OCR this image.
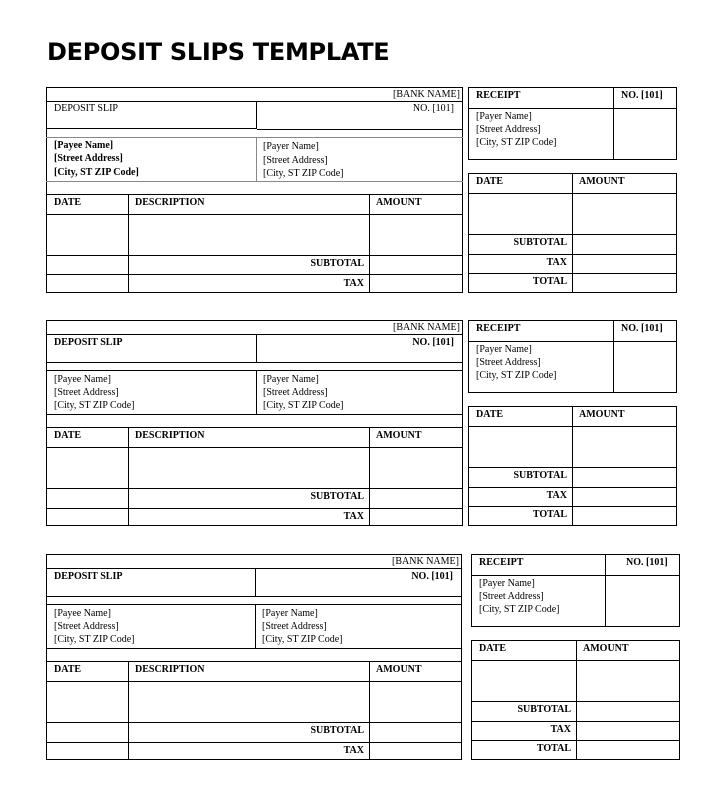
DEPOSIT SLIPS TEMPLATE
[BANK NAME]
DEPOSIT SLIP	NO. [101]
[Payee Name]
[Street Address]
[City, ST ZIP Code]
[Payer Name]
[Street Address]
[City, ST ZIP Code]
DATE	DESCRIPTION	AMOUNT
SUBTOTAL
TAX
RECEIPT	NO. [101]
[Payer Name]
[Street Address]
[City, ST ZIP Code]
DATE	AMOUNT
SUBTOTAL
TAX
TOTAL
[BANK NAME]
DEPOSIT SLIP	NO. [101]
[Payee Name]
[Street Address]
[City, ST ZIP Code]
[Payer Name]
[Street Address]
[City, ST ZIP Code]
DATE	DESCRIPTION	AMOUNT
SUBTOTAL
TAX
RECEIPT	NO. [101]
[Payer Name]
[Street Address]
[City, ST ZIP Code]
DATE	AMOUNT
SUBTOTAL
TAX
TOTAL
[BANK NAME]
DEPOSIT SLIP	NO. [101]
[Payee Name]
[Street Address]
[City, ST ZIP Code]
[Payer Name]
[Street Address]
[City, ST ZIP Code]
DATE	DESCRIPTION	AMOUNT
SUBTOTAL
TAX
RECEIPT	NO. [101]
[Payer Name]
[Street Address]
[City, ST ZIP Code]
DATE	AMOUNT
SUBTOTAL
TAX
TOTAL
